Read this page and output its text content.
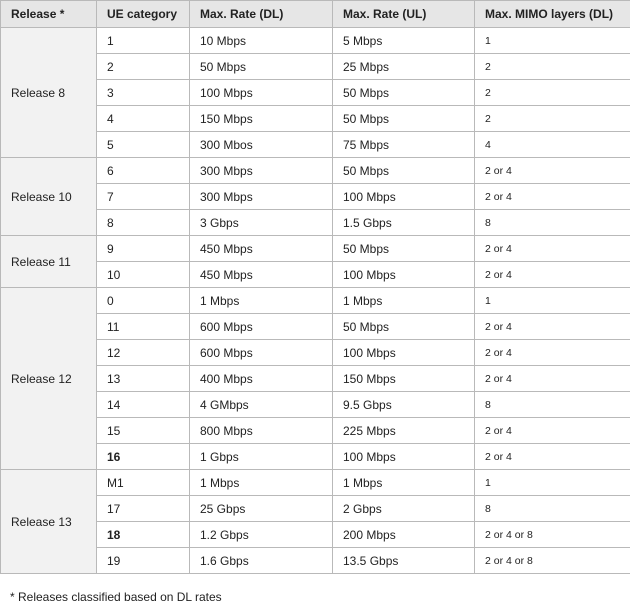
Release *	UE category	Max. Rate (DL)	Max. Rate (UL)	Max. MIMO layers (DL)
Release 8	1	10 Mbps	5 Mbps	1
	2	50 Mbps	25 Mbps	2
	3	100 Mbps	50 Mbps	2
	4	150 Mbps	50 Mbps	2
	5	300 Mbos	75 Mbps	4
Release 10	6	300 Mbps	50 Mbps	2 or 4
	7	300 Mbps	100 Mbps	2 or 4
	8	3 Gbps	1.5 Gbps	8
Release 11	9	450 Mbps	50 Mbps	2 or 4
	10	450 Mbps	100 Mbps	2 or 4
Release 12	0	1 Mbps	1 Mbps	1
	11	600 Mbps	50 Mbps	2 or 4
	12	600 Mbps	100 Mbps	2 or 4
	13	400 Mbps	150 Mbps	2 or 4
	14	4 GMbps	9.5 Gbps	8
	15	800 Mbps	225 Mbps	2 or 4
	16	1 Gbps	100 Mbps	2 or 4
Release 13	M1	1 Mbps	1 Mbps	1
	17	25 Gbps	2 Gbps	8
	18	1.2 Gbps	200 Mbps	2 or 4 or 8
	19	1.6 Gbps	13.5 Gbps	2 or 4 or 8
* Releases classified based on DL rates
